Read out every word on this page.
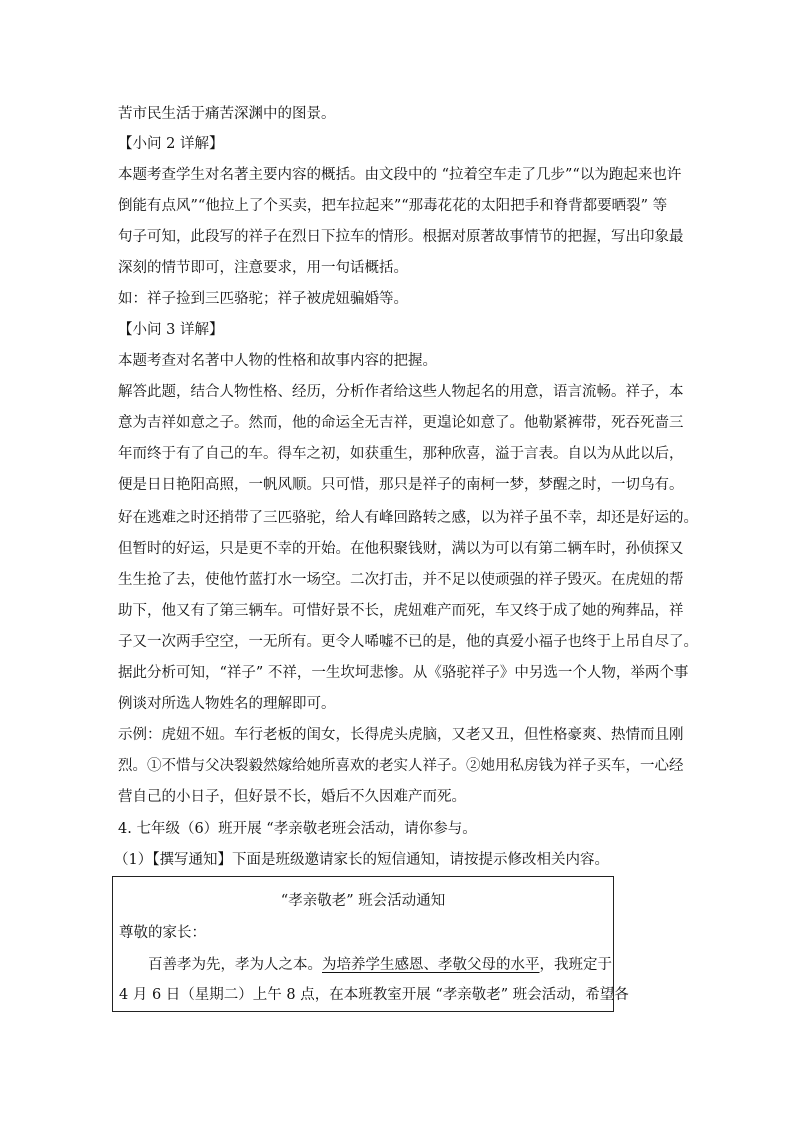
苦市民生活于痛苦深渊中的图景。
【小问 2 详解】
本题考查学生对名著主要内容的概括。由文段中的 “拉着空车走了几步”“以为跑起来也许
倒能有点风”“他拉上了个买卖，把车拉起来”“那毒花花的太阳把手和脊背都要晒裂” 等
句子可知，此段写的祥子在烈日下拉车的情形。根据对原著故事情节的把握，写出印象最
深刻的情节即可，注意要求，用一句话概括。
如：祥子捡到三匹骆驼；祥子被虎妞骗婚等。
【小问 3 详解】
本题考查对名著中人物的性格和故事内容的把握。
解答此题，结合人物性格、经历，分析作者给这些人物起名的用意，语言流畅。祥子，本
意为吉祥如意之子。然而，他的命运全无吉祥，更遑论如意了。他勒紧裤带，死吞死啬三
年而终于有了自己的车。得车之初，如获重生，那种欣喜，溢于言表。自以为从此以后，
便是日日艳阳高照，一帆风顺。只可惜，那只是祥子的南柯一梦，梦醒之时，一切乌有。
好在逃难之时还捎带了三匹骆驼，给人有峰回路转之感，以为祥子虽不幸，却还是好运的。
但暂时的好运，只是更不幸的开始。在他积聚钱财，满以为可以有第二辆车时，孙侦探又
生生抢了去，使他竹蓝打水一场空。二次打击，并不足以使顽强的祥子毁灭。在虎妞的帮
助下，他又有了第三辆车。可惜好景不长，虎妞难产而死，车又终于成了她的殉葬品，祥
子又一次两手空空，一无所有。更令人唏嘘不已的是，他的真爱小福子也终于上吊自尽了。
据此分析可知，“祥子” 不祥，一生坎坷悲惨。从《骆驼祥子》中另选一个人物，举两个事
例谈对所选人物姓名的理解即可。
示例：虎妞不妞。车行老板的闺女，长得虎头虎脑，又老又丑，但性格豪爽、热情而且刚
烈。①不惜与父决裂毅然嫁给她所喜欢的老实人祥子。②她用私房钱为祥子买车，一心经
营自己的小日子，但好景不长，婚后不久因难产而死。
4. 七年级（6）班开展 “孝亲敬老班会活动，请你参与。
（1）【撰写通知】下面是班级邀请家长的短信通知，请按提示修改相关内容。
“孝亲敬老” 班会活动通知
尊敬的家长：
百善孝为先，孝为人之本。为培养学生感恩、孝敬父母的水平，我班定于
4 月 6 日（星期二）上午 8 点，在本班教室开展 “孝亲敬老” 班会活动，希望各
